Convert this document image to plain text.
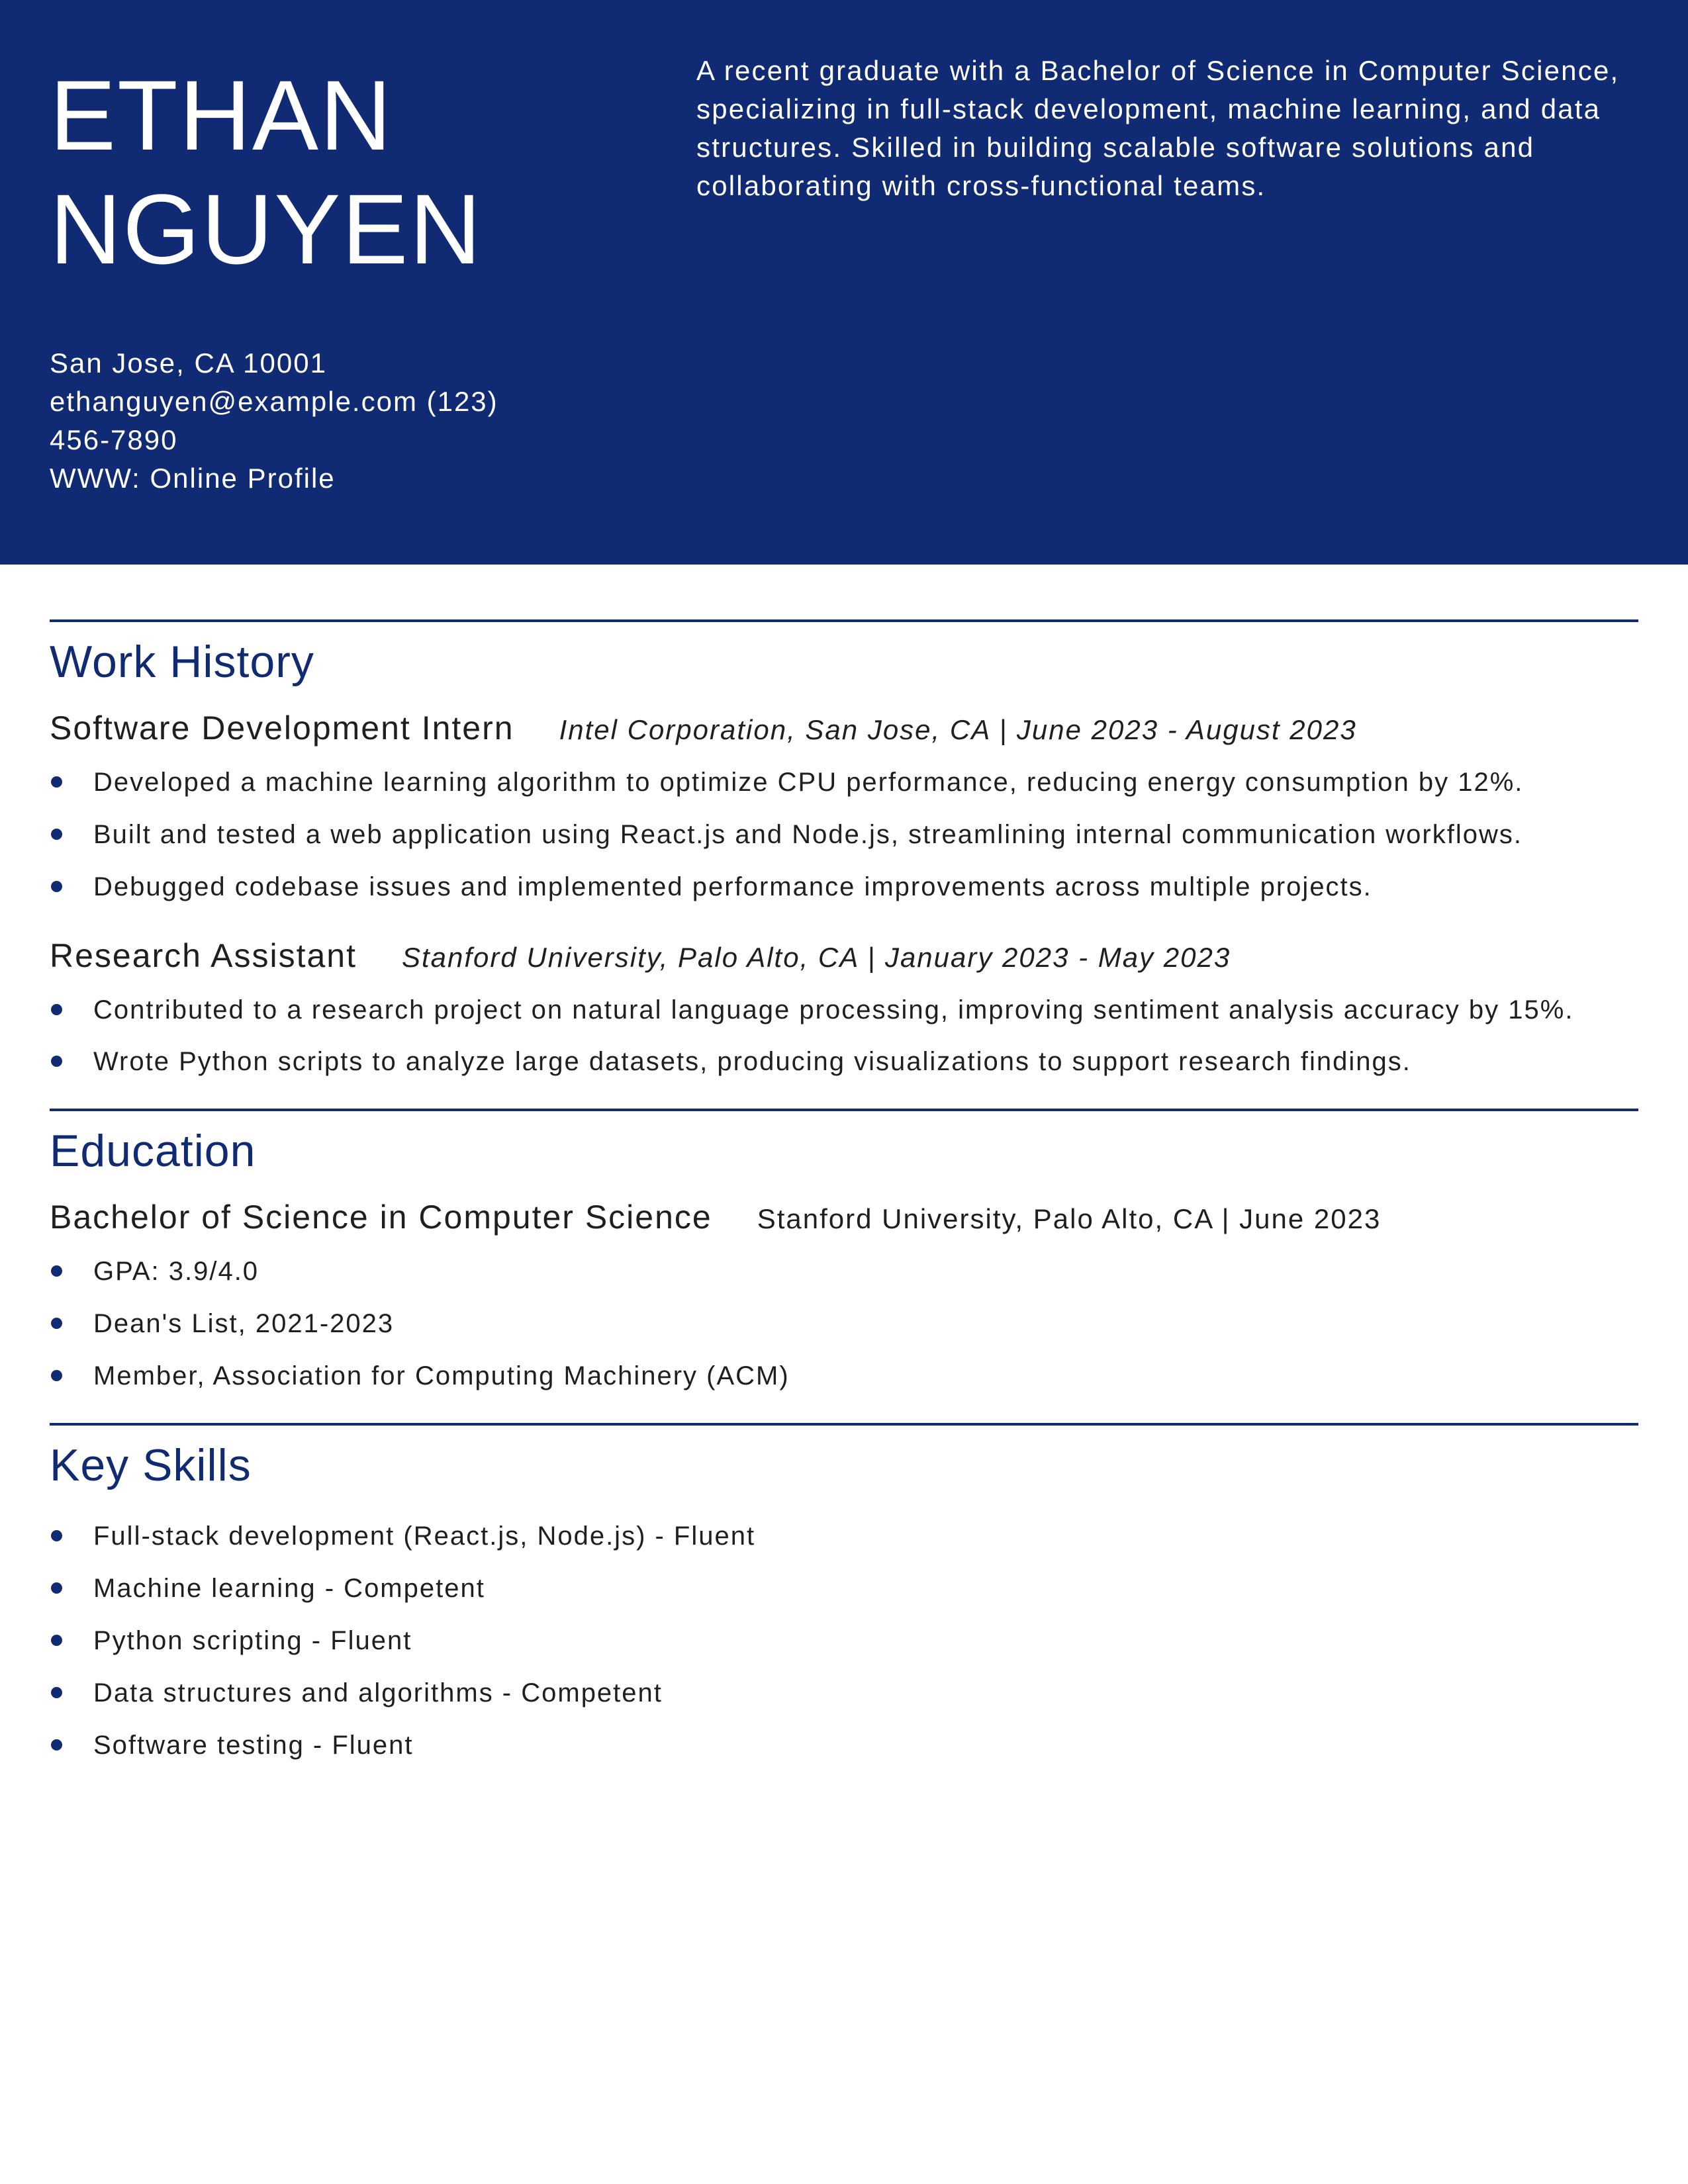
ETHAN
NGUYEN

A recent graduate with a Bachelor of Science in Computer Science, specializing in full-stack development, machine learning, and data structures. Skilled in building scalable software solutions and collaborating with cross-functional teams.

San Jose, CA 10001
ethanguyen@example.com (123)
456-7890
WWW: Online Profile
Work History

Software Development Intern Intel Corporation, San Jose, CA | June 2023 - August 2023

Developed a machine learning algorithm to optimize CPU performance, reducing energy consumption by 12%.
Built and tested a web application using React.js and Node.js, streamlining internal communication workflows.
Debugged codebase issues and implemented performance improvements across multiple projects.

Research Assistant Stanford University, Palo Alto, CA | January 2023 - May 2023

Contributed to a research project on natural language processing, improving sentiment analysis accuracy by 15%.
Wrote Python scripts to analyze large datasets, producing visualizations to support research findings.
Education

Bachelor of Science in Computer Science Stanford University, Palo Alto, CA | June 2023

GPA: 3.9/4.0
Dean's List, 2021-2023
Member, Association for Computing Machinery (ACM)
Key Skills
Full-stack development (React.js, Node.js) - Fluent
Machine learning - Competent
Python scripting - Fluent
Data structures and algorithms - Competent
Software testing - Fluent
